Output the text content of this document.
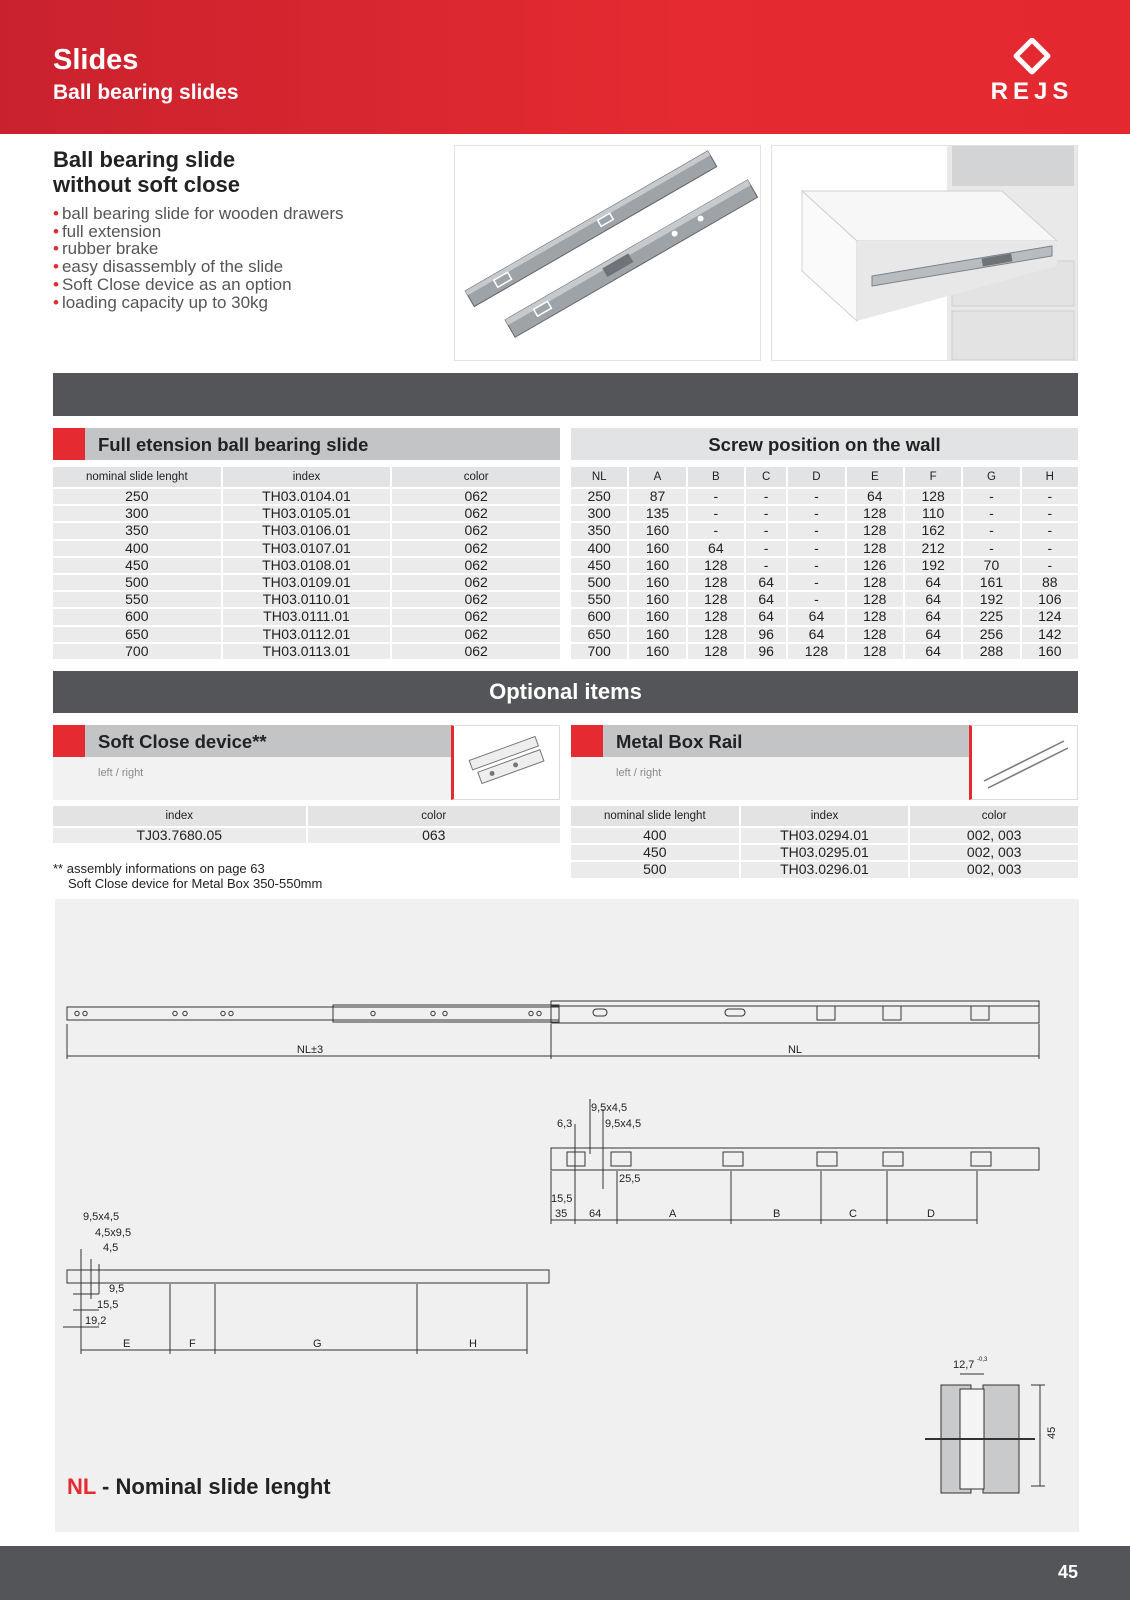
Slides
Ball bearing slides	REJS
Ball bearing slide
without soft close
• ball bearing slide for wooden drawers
• full extension
• rubber brake
• easy disassembly of the slide
• Soft Close device as an option
• loading capacity up to 30kg
Full etension ball bearing slide
nominal slide lenght	index	color
250	TH03.0104.01	062
300	TH03.0105.01	062
350	TH03.0106.01	062
400	TH03.0107.01	062
450	TH03.0108.01	062
500	TH03.0109.01	062
550	TH03.0110.01	062
600	TH03.0111.01	062
650	TH03.0112.01	062
700	TH03.0113.01	062
Screw position on the wall
NL	A	B	C	D	E	F	G	H
250	87	-	-	-	64	128	-	-
300	135	-	-	-	128	110	-	-
350	160	-	-	-	128	162	-	-
400	160	64	-	-	128	212	-	-
450	160	128	-	-	126	192	70	-
500	160	128	64	-	128	64	161	88
550	160	128	64	-	128	64	192	106
600	160	128	64	64	128	64	225	124
650	160	128	96	64	128	64	256	142
700	160	128	96	128	128	64	288	160
Optional items
Soft Close device**
left / right
Metal Box Rail
left / right
index	color
TJ03.7680.05	063
nominal slide lenght	index	color
400	TH03.0294.01	002, 003
450	TH03.0295.01	002, 003
500	TH03.0296.01	002, 003
** assembly informations on page 63
Soft Close device for Metal Box 350-550mm
NL±3	NL
9,5x4,5
9,5x4,5
6,3
25,5
15,5
35 64	A	B	C	D
9,5x4,5
4,5x9,5
4,5
9,5
15,5
19,2
E	F	G	H
12,7 -0,3
45
NL - Nominal slide lenght
45
